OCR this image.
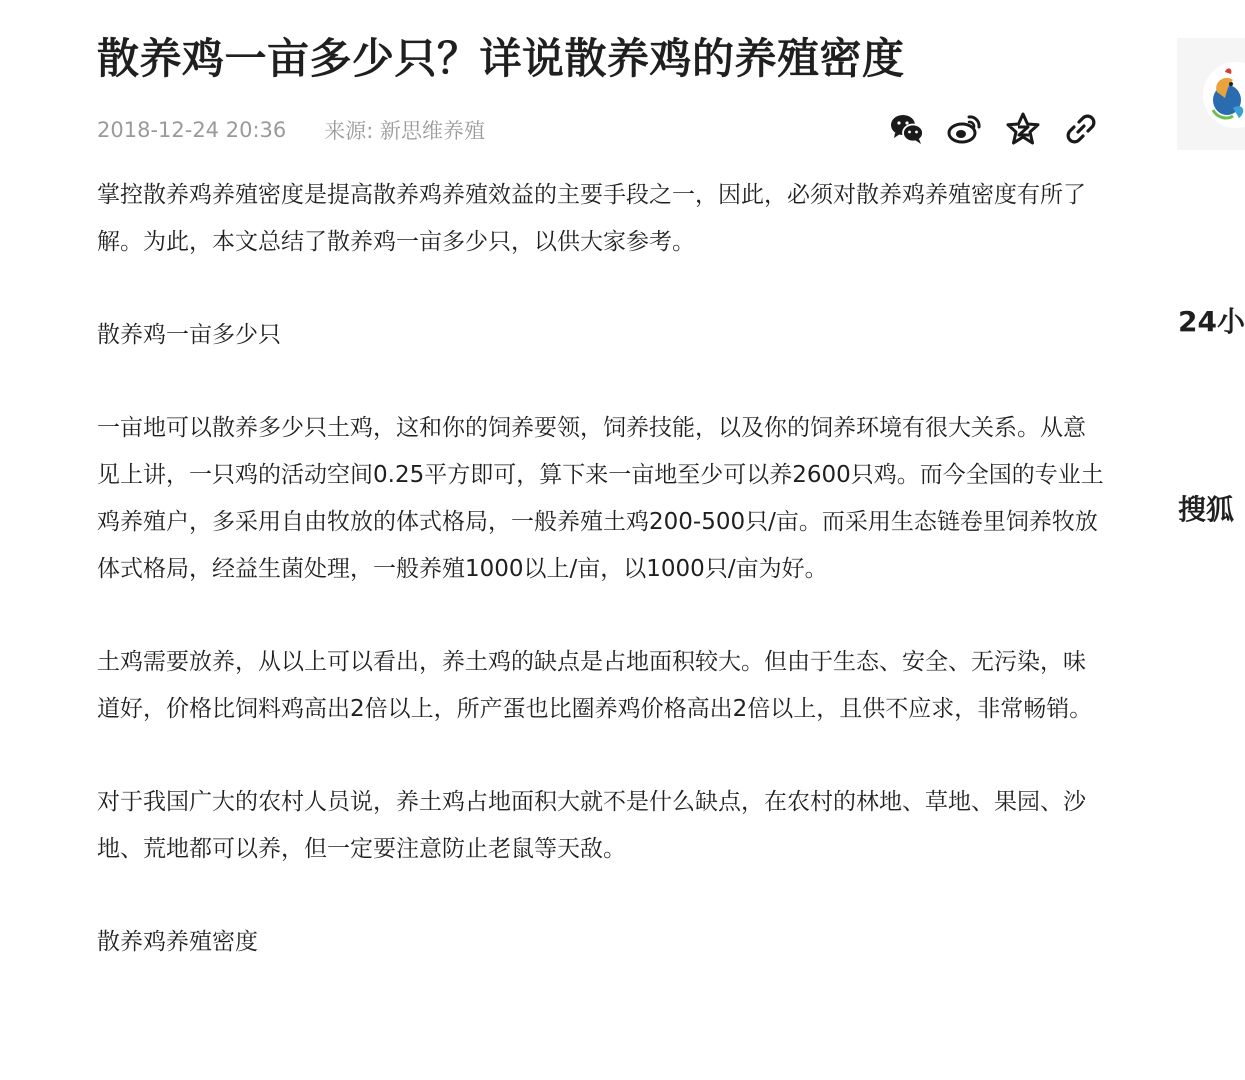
散养鸡一亩多少只？详说散养鸡的养殖密度
2018-12-24 20:36 来源: 新思维养殖

掌控散养鸡养殖密度是提高散养鸡养殖效益的主要手段之一，因此，必须对散养鸡养殖密度有所了解。为此，本文总结了散养鸡一亩多少只，以供大家参考。

散养鸡一亩多少只

一亩地可以散养多少只土鸡，这和你的饲养要领，饲养技能，以及你的饲养环境有很大关系。从意见上讲，一只鸡的活动空间0.25平方即可，算下来一亩地至少可以养2600只鸡。而今全国的专业土鸡养殖户，多采用自由牧放的体式格局，一般养殖土鸡200-500只/亩。而采用生态链卷里饲养牧放体式格局，经益生菌处理，一般养殖1000以上/亩，以1000只/亩为好。

土鸡需要放养，从以上可以看出，养土鸡的缺点是占地面积较大。但由于生态、安全、无污染，味道好，价格比饲料鸡高出2倍以上，所产蛋也比圈养鸡价格高出2倍以上，且供不应求，非常畅销。

对于我国广大的农村人员说，养土鸡占地面积大就不是什么缺点，在农村的林地、草地、果园、沙地、荒地都可以养，但一定要注意防止老鼠等天敌。

散养鸡养殖密度

24小
搜狐
